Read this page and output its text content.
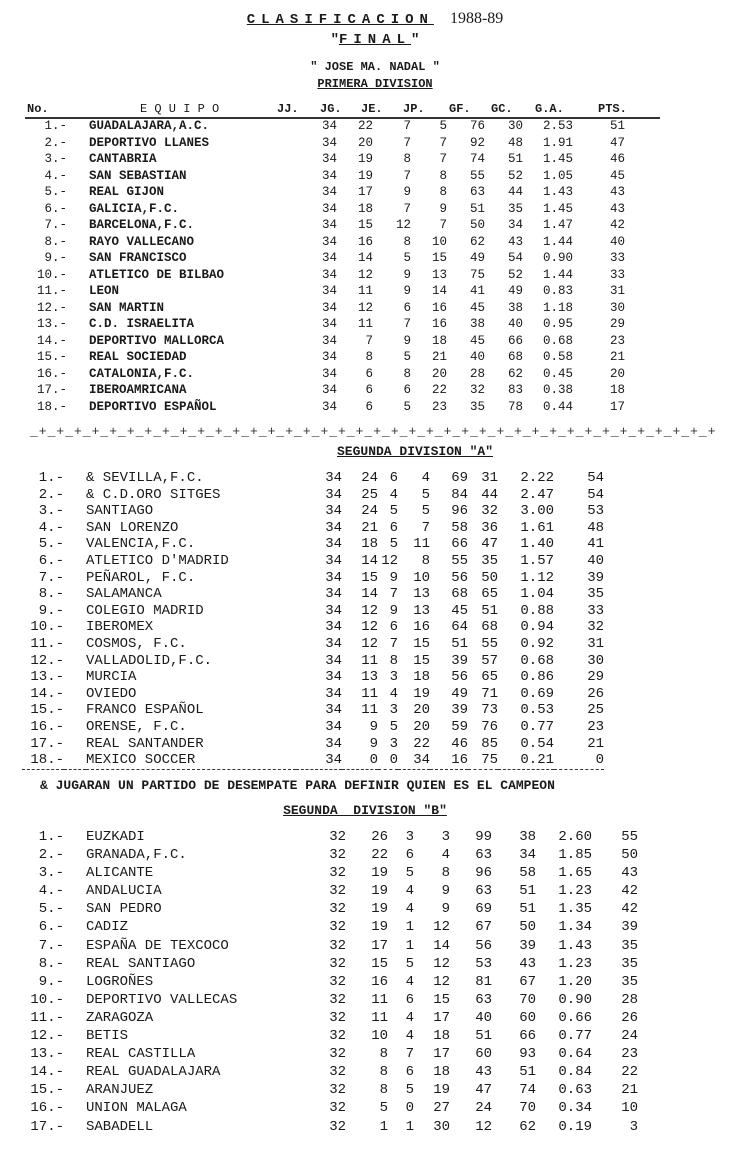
CLASIFICACION 1988-89
"FINAL"
" JOSE MA. NADAL "
PRIMERA DIVISION
No.	E Q U I P O	JJ. JG. JE. JP. GF. GC. G.A.	PTS.
1.-		GUADALAJARA,A.C.	34	22	7	5	76	30	2.53	51
2.-		DEPORTIVO LLANES	34	20	7	7	92	48	1.91	47
3.-		CANTABRIA	34	19	8	7	74	51	1.45	46
4.-		SAN SEBASTIAN	34	19	7	8	55	52	1.05	45
5.-		REAL GIJON	34	17	9	8	63	44	1.43	43
6.-		GALICIA,F.C.	34	18	7	9	51	35	1.45	43
7.-		BARCELONA,F.C.	34	15	12	7	50	34	1.47	42
8.-		RAYO VALLECANO	34	16	8	10	62	43	1.44	40
9.-		SAN FRANCISCO	34	14	5	15	49	54	0.90	33
10.-		ATLETICO DE BILBAO	34	12	9	13	75	52	1.44	33
11.-		LEON	34	11	9	14	41	49	0.83	31
12.-		SAN MARTIN	34	12	6	16	45	38	1.18	30
13.-		C.D. ISRAELITA	34	11	7	16	38	40	0.95	29
14.-		DEPORTIVO MALLORCA	34	7	9	18	45	66	0.68	23
15.-		REAL SOCIEDAD	34	8	5	21	40	68	0.58	21
16.-		CATALONIA,F.C.	34	6	8	20	28	62	0.45	20
17.-		IBEROAMRICANA	34	6	6	22	32	83	0.38	18
18.-		DEPORTIVO ESPAÑOL	34	6	5	23	35	78	0.44	17
_+_+_+_+_+_+_+_+_+_+_+_+_+_+_+_+_+_+_+_+_+_+_+_+_+_+_+_+_+_+_+_+_+_+_+_+_+_+_+
SEGUNDA DIVISION "A"
1.-		& SEVILLA,F.C.	34	24	6	4	69	31	2.22	54
2.-		& C.D.ORO SITGES	34	25	4	5	84	44	2.47	54
3.-		SANTIAGO	34	24	5	5	96	32	3.00	53
4.-		SAN LORENZO	34	21	6	7	58	36	1.61	48
5.-		VALENCIA,F.C.	34	18	5	11	66	47	1.40	41
6.-		ATLETICO D'MADRID	34	14	12	8	55	35	1.57	40
7.-		PEÑAROL, F.C.	34	15	9	10	56	50	1.12	39
8.-		SALAMANCA	34	14	7	13	68	65	1.04	35
9.-		COLEGIO MADRID	34	12	9	13	45	51	0.88	33
10.-		IBEROMEX	34	12	6	16	64	68	0.94	32
11.-		COSMOS, F.C.	34	12	7	15	51	55	0.92	31
12.-		VALLADOLID,F.C.	34	11	8	15	39	57	0.68	30
13.-		MURCIA	34	13	3	18	56	65	0.86	29
14.-		OVIEDO	34	11	4	19	49	71	0.69	26
15.-		FRANCO ESPAÑOL	34	11	3	20	39	73	0.53	25
16.-		ORENSE, F.C.	34	9	5	20	59	76	0.77	23
17.-		REAL SANTANDER	34	9	3	22	46	85	0.54	21
18.-		MEXICO SOCCER	34	0	0	34	16	75	0.21	0
& JUGARAN UN PARTIDO DE DESEMPATE PARA DEFINIR QUIEN ES EL CAMPEON
SEGUNDA  DIVISION "B"
1.-		EUZKADI	32	26	3	3	99	38	2.60	55
2.-		GRANADA,F.C.	32	22	6	4	63	34	1.85	50
3.-		ALICANTE	32	19	5	8	96	58	1.65	43
4.-		ANDALUCIA	32	19	4	9	63	51	1.23	42
5.-		SAN PEDRO	32	19	4	9	69	51	1.35	42
6.-		CADIZ	32	19	1	12	67	50	1.34	39
7.-		ESPAÑA DE TEXCOCO	32	17	1	14	56	39	1.43	35
8.-		REAL SANTIAGO	32	15	5	12	53	43	1.23	35
9.-		LOGROÑES	32	16	4	12	81	67	1.20	35
10.-		DEPORTIVO VALLECAS	32	11	6	15	63	70	0.90	28
11.-		ZARAGOZA	32	11	4	17	40	60	0.66	26
12.-		BETIS	32	10	4	18	51	66	0.77	24
13.-		REAL CASTILLA	32	8	7	17	60	93	0.64	23
14.-		REAL GUADALAJARA	32	8	6	18	43	51	0.84	22
15.-		ARANJUEZ	32	8	5	19	47	74	0.63	21
16.-		UNION MALAGA	32	5	0	27	24	70	0.34	10
17.-		SABADELL	32	1	1	30	12	62	0.19	3
